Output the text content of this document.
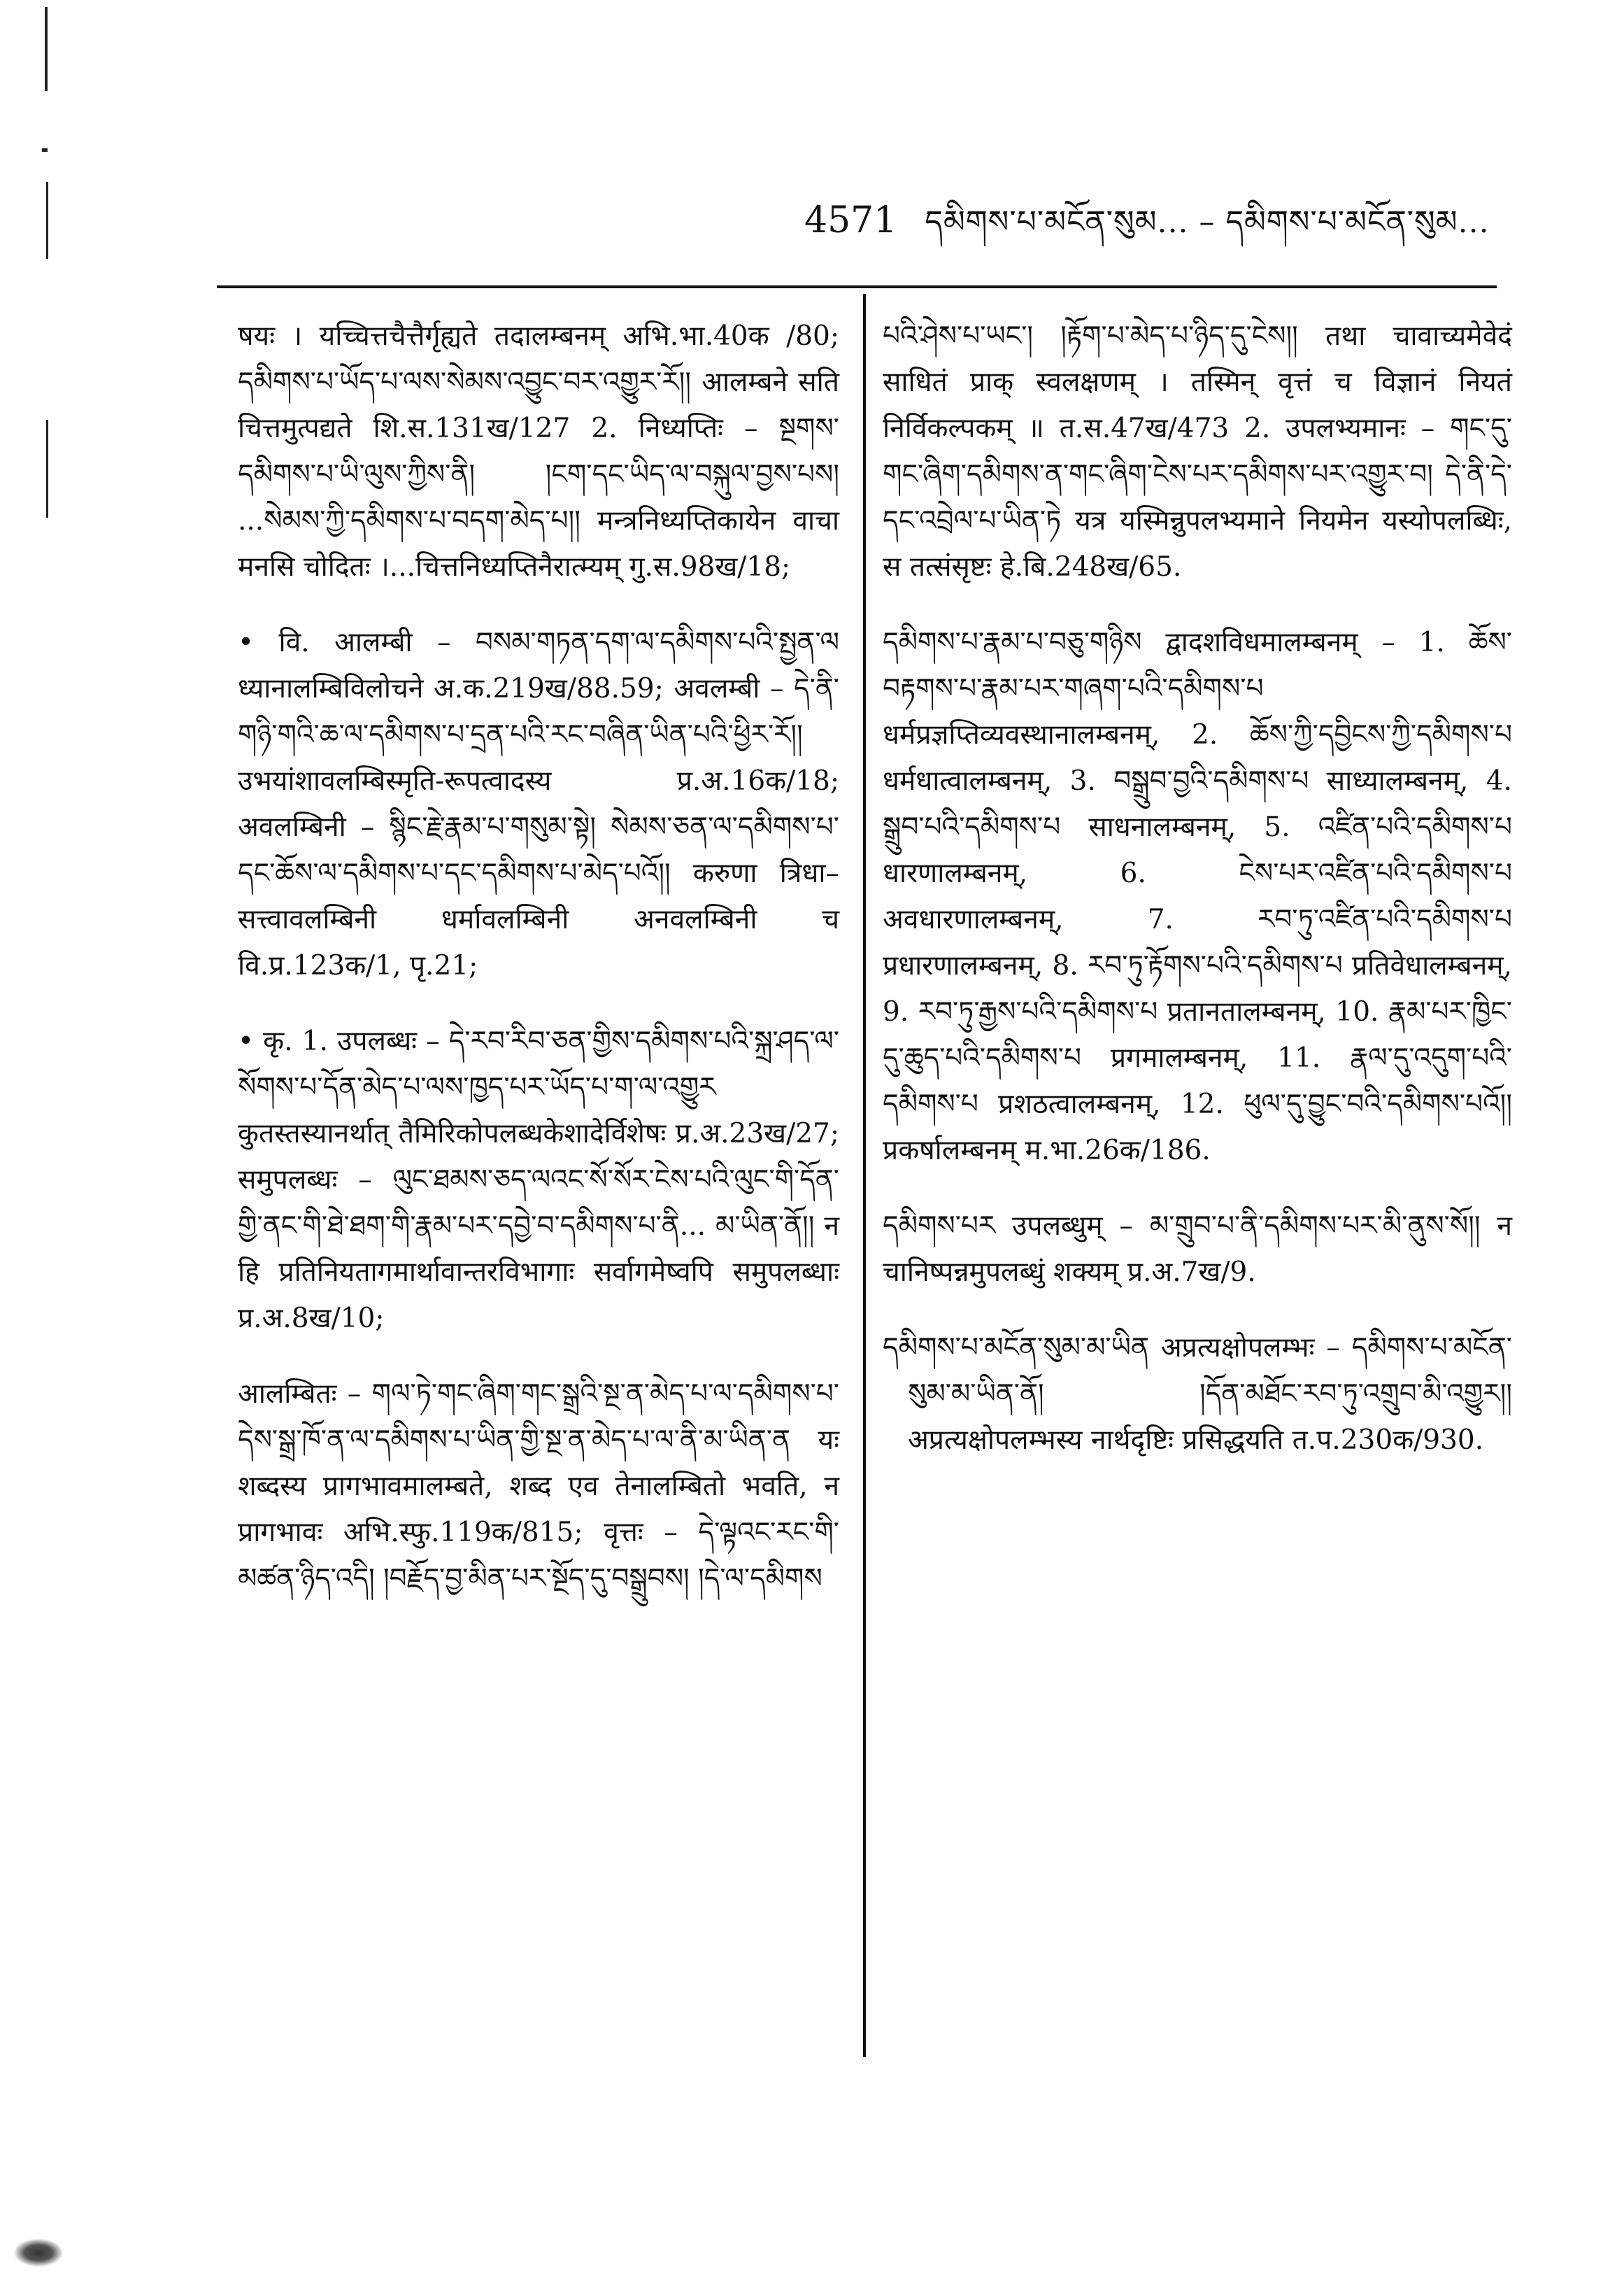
4571 དམིགས་པ་མངོན་སུམ... – དམིགས་པ་མངོན་སུམ...

षयः । यच्चित्तचैत्तैर्गृह्यते तदालम्बनम् अभि.भा.40क /80; དམིགས་པ་ཡོད་པ་ལས་སེམས་འབྱུང་བར་འགྱུར་རོ།། आलम्बने सति चित्तमुत्पद्यते शि.स.131ख/127 2. निध्यप्तिः – སྔགས་དམིགས་པ་ཡི་ལུས་ཀྱིས་ནི། །ངག་དང་ཡིད་ལ་བསྐུལ་བྱས་པས། ...སེམས་ཀྱི་དམིགས་པ་བདག་མེད་པ།། मन्त्रनिध्यप्तिकायेन वाचा मनसि चोदितः ।...चित्तनिध्यप्तिनैरात्म्यम् गु.स.98ख/18;

• वि. आलम्बी – བསམ་གཏན་དག་ལ་དམིགས་པའི་སྤྱན་ལ ध्यानालम्बिविलोचने अ.क.219ख/88.59; अवलम्बी – དེ་ནི་གཉི་གའི་ཆ་ལ་དམིགས་པ་དྲན་པའི་རང་བཞིན་ཡིན་པའི་ཕྱིར་རོ།། उभयांशावलम्बिस्मृति-रूपत्वादस्य प्र.अ.16क/18; अवलम्बिनी – སྙིང་རྗེ་རྣམ་པ་གསུམ་སྟེ། སེམས་ཅན་ལ་དམིགས་པ་དང་ཆོས་ལ་དམིགས་པ་དང་དམིགས་པ་མེད་པའོ།། करुणा त्रिधा–सत्त्वावलम्बिनी धर्मावलम्बिनी अनवलम्बिनी च वि.प्र.123क/1, पृ.21;

• कृ. 1. उपलब्धः – དེ་རབ་རིབ་ཅན་གྱིས་དམིགས་པའི་སྐྲ་ཤད་ལ་སོགས་པ་དོན་མེད་པ་ལས་ཁྱད་པར་ཡོད་པ་ག་ལ་འགྱུར कुतस्तस्यानर्थात् तैमिरिकोपलब्धकेशादेर्विशेषः प्र.अ.23ख/27; समुपलब्धः – ལུང་ཐམས་ཅད་ལའང་སོ་སོར་ངེས་པའི་ལུང་གི་དོན་གྱི་ནང་གི་ཐེ་ཐག་གི་རྣམ་པར་དབྱེ་བ་དམིགས་པ་ནི... མ་ཡིན་ནོ།། न हि प्रतिनियतागमार्थावान्तरविभागाः सर्वागमेष्वपि समुपलब्धाः प्र.अ.8ख/10;

आलम्बितः – གལ་ཏེ་གང་ཞིག་གང་སྒྲའི་སྔ་ན་མེད་པ་ལ་དམིགས་པ་དེས་སྒྲ་ཁོ་ན་ལ་དམིགས་པ་ཡིན་གྱི་སྔ་ན་མེད་པ་ལ་ནི་མ་ཡིན་ན यः शब्दस्य प्रागभावमालम्बते, शब्द एव तेनालम्बितो भवति, न प्रागभावः अभि.स्फु.119क/815; वृत्तः – དེ་ལྟའང་རང་གི་མཚན་ཉིད་འདི། །བརྗོད་བྱ་མིན་པར་སྔོད་དུ་བསྒྲུབས། །དེ་ལ་དམིགས

པའི་ཤེས་པ་ཡང་། །རྟོག་པ་མེད་པ་ཉིད་དུ་ངེས།། तथा चावाच्यमेवेदं साधितं प्राक् स्वलक्षणम् । तस्मिन् वृत्तं च विज्ञानं नियतं निर्विकल्पकम् ॥ त.स.47ख/473 2. उपलभ्यमानः – གང་དུ་གང་ཞིག་དམིགས་ན་གང་ཞིག་ངེས་པར་དམིགས་པར་འགྱུར་བ། དེ་ནི་དེ་དང་འབྲེལ་པ་ཡིན་ཏེ यत्र यस्मिन्नुपलभ्यमाने नियमेन यस्योपलब्धिः, स तत्संसृष्टः हे.बि.248ख/65.

དམིགས་པ་རྣམ་པ་བཅུ་གཉིས द्वादशविधमालम्बनम् – 1. ཆོས་བརྟགས་པ་རྣམ་པར་གཞག་པའི་དམིགས་པ धर्मप्रज्ञप्तिव्यवस्थानालम्बनम्, 2. ཆོས་ཀྱི་དབྱིངས་ཀྱི་དམིགས་པ धर्मधात्वालम्बनम्, 3. བསྒྲུབ་བྱའི་དམིགས་པ साध्यालम्बनम्, 4. སྒྲུབ་པའི་དམིགས་པ साधनालम्बनम्, 5. འཛིན་པའི་དམིགས་པ धारणालम्बनम्, 6. ངེས་པར་འཛིན་པའི་དམིགས་པ अवधारणालम्बनम्, 7. རབ་ཏུ་འཛིན་པའི་དམིགས་པ प्रधारणालम्बनम्, 8. རབ་ཏུ་རྟོགས་པའི་དམིགས་པ प्रतिवेधालम्बनम्, 9. རབ་ཏུ་རྒྱས་པའི་དམིགས་པ प्रतानतालम्बनम्, 10. རྣམ་པར་ཁྱིང་དུ་ཆུད་པའི་དམིགས་པ प्रगमालम्बनम्, 11. རྣལ་དུ་འདུག་པའི་དམིགས་པ प्रशठत्वालम्बनम्, 12. ཕུལ་དུ་བྱུང་བའི་དམིགས་པའོ།། प्रकर्षालम्बनम् म.भा.26क/186.

དམིགས་པར उपलब्धुम् – མ་གྲུབ་པ་ནི་དམིགས་པར་མི་ནུས་སོ།། न चानिष्पन्नमुपलब्धुं शक्यम् प्र.अ.7ख/9.

དམིགས་པ་མངོན་སུམ་མ་ཡིན अप्रत्यक्षोपलम्भः – དམིགས་པ་མངོན་སུམ་མ་ཡིན་ནོ། །དོན་མཐོང་རབ་ཏུ་འགྲུབ་མི་འགྱུར།། अप्रत्यक्षोपलम्भस्य नार्थदृष्टिः प्रसिद्धयति त.प.230क/930.
